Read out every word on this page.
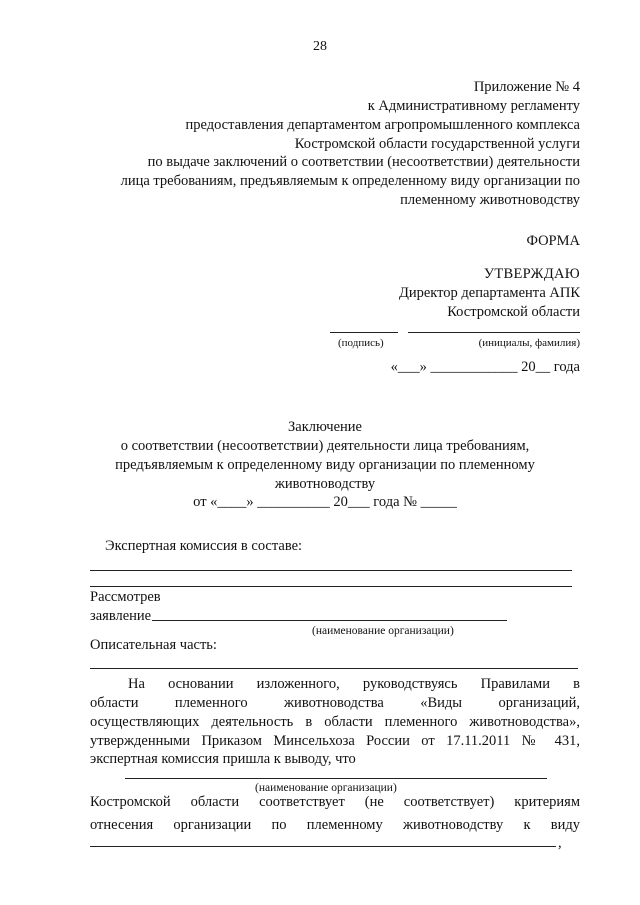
28
Приложение № 4
к Административному регламенту
предоставления департаментом агропромышленного комплекса
Костромской области государственной услуги
по выдаче заключений о соответствии (несоответствии) деятельности
лица требованиям, предъявляемым к определенному виду организации по
племенному животноводству
ФОРМА
УТВЕРЖДАЮ
Директор департамента АПК
Костромской области
(подпись)	(инициалы, фамилия)
«___» ____________ 20__ года
Заключение
о соответствии (несоответствии) деятельности лица требованиям,
предъявляемым к определенному виду организации по племенному
животноводству
от «____» __________ 20___ года № _____
Экспертная комиссия в составе:
Рассмотрев
заявление
(наименование организации)
Описательная часть:

На основании изложенного, руководствуясь Правилами в

области племенного животноводства «Виды организаций,

осуществляющих деятельность в области племенного животноводства»,

утвержденными Приказом Минсельхоза России от 17.11.2011 № 431,

экспертная комиссия пришла к выводу, что

(наименование организации)
Костромской области соответствует (не соответствует) критериям
отнесения организации по племенному животноводству к виду
,
